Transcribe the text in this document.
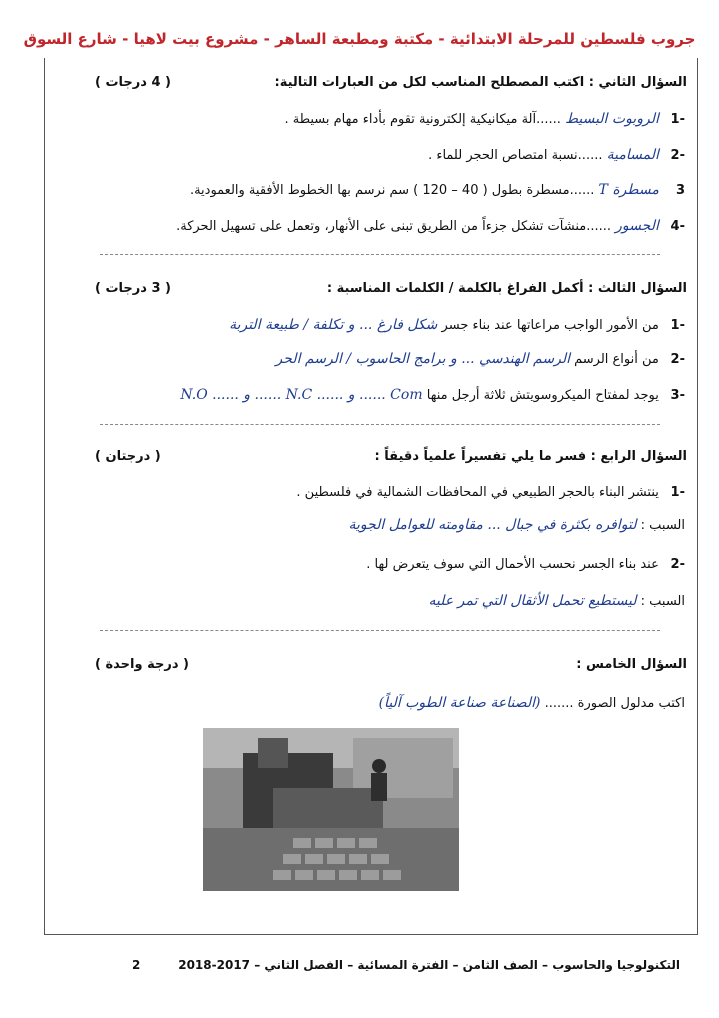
جروب فلسطين للمرحلة الابتدائية - مكتبة ومطبعة الساهر - مشروع بيت لاهيا - شارع السوق
السؤال الثاني : اكتب المصطلح المناسب لكل من العبارات التالية:
( 4 درجات )
-1 الروبوت البسيط ......آلة ميكانيكية إلكترونية تقوم بأداء مهام بسيطة .
-2 المسامية ......نسبة امتصاص الحجر للماء .
3 مسطرة T ......مسطرة بطول ( 40 – 120 ) سم نرسم بها الخطوط الأفقية والعمودية.
-4 الجسور ......منشآت تشكل جزءاً من الطريق تبنى على الأنهار، وتعمل على تسهيل الحركة.
السؤال الثالث : أكمل الفراغ بالكلمة / الكلمات المناسبة :
( 3 درجات )
-1 من الأمور الواجب مراعاتها عند بناء جسر شكل فارغ ... و تكلفة / طبيعة التربة
-2 من أنواع الرسم الرسم الهندسي ... و برامج الحاسوب / الرسم الحر
-3 يوجد لمفتاح الميكروسويتش ثلاثة أرجل منها Com ...... و ...... N.C ...... و ...... N.O
السؤال الرابع : فسر ما يلي تفسيراً علمياً دقيقاً :
( درجتان )
-1 ينتشر البناء بالحجر الطبيعي في المحافظات الشمالية في فلسطين .
السبب : لتوافره بكثرة في جبال ... مقاومته للعوامل الجوية
-2 عند بناء الجسر نحسب الأحمال التي سوف يتعرض لها .
السبب : ليستطيع تحمل الأثقال التي تمر عليه
السؤال الخامس :
( درجة واحدة )
اكتب مدلول الصورة ....... (الصناعة صناعة الطوب آلياً)
التكنولوجيا والحاسوب – الصف الثامن – الفترة المسائية – الفصل الثاني – 2017-2018
2
